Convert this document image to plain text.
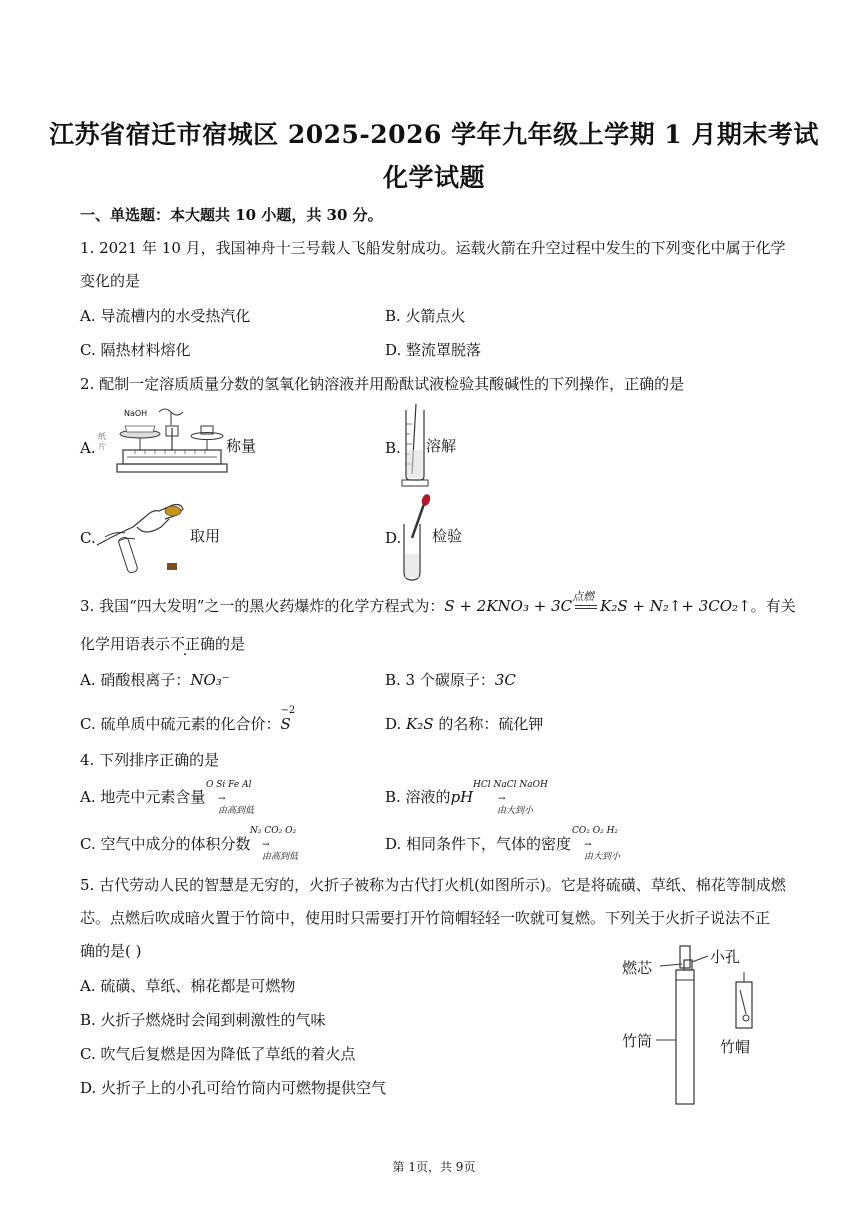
江苏省宿迁市宿城区 2025-2026 学年九年级上学期 1 月期末考试
化学试题
一、单选题：本大题共 10 小题，共 30 分。
1. 2021 年 10 月，我国神舟十三号载人飞船发射成功。运载火箭在升空过程中发生的下列变化中属于化学
变化的是
A. 导流槽内的水受热汽化	B. 火箭点火
C. 隔热材料熔化	D. 整流罩脱落
2. 配制一定溶质质量分数的氢氧化钠溶液并用酚酞试液检验其酸碱性的下列操作，正确的是
A.
NaOH
纸片	称量	B. 溶解
C.	取用	D. 检验
3. 我国“四大发明”之一的黑火药爆炸的化学方程式为：S + 2KNO₃ + 3C
点燃
K₂S + N₂↑+ 3CO₂↑。有关
化学用语表示不正确的是
A. 硝酸根离子：NO₃⁻	B. 3 个碳原子：3C
C. 硫单质中硫元素的化合价：
−2
S	D. K₂S 的名称：硫化钾
4. 下列排序正确的是
A. 地壳中元素含量
O Si Fe Al
→
由高到低
B. 溶液的pH
HCl NaCl NaOH
→
由大到小
C. 空气中成分的体积分数
N₂ CO₂ O₂
→
由高到低
D. 相同条件下，气体的密度
CO₂ O₂ H₂
→
由大到小
5. 古代劳动人民的智慧是无穷的，火折子被称为古代打火机(如图所示)。它是将硫磺、草纸、棉花等制成燃
芯。点燃后吹成暗火置于竹筒中，使用时只需要打开竹筒帽轻轻一吹就可复燃。下列关于火折子说法不正
确的是( )
A. 硫磺、草纸、棉花都是可燃物
B. 火折子燃烧时会闻到刺激性的气味
C. 吹气后复燃是因为降低了草纸的着火点
D. 火折子上的小孔可给竹筒内可燃物提供空气
燃芯
小孔
竹筒	竹帽
第 1页，共 9页
